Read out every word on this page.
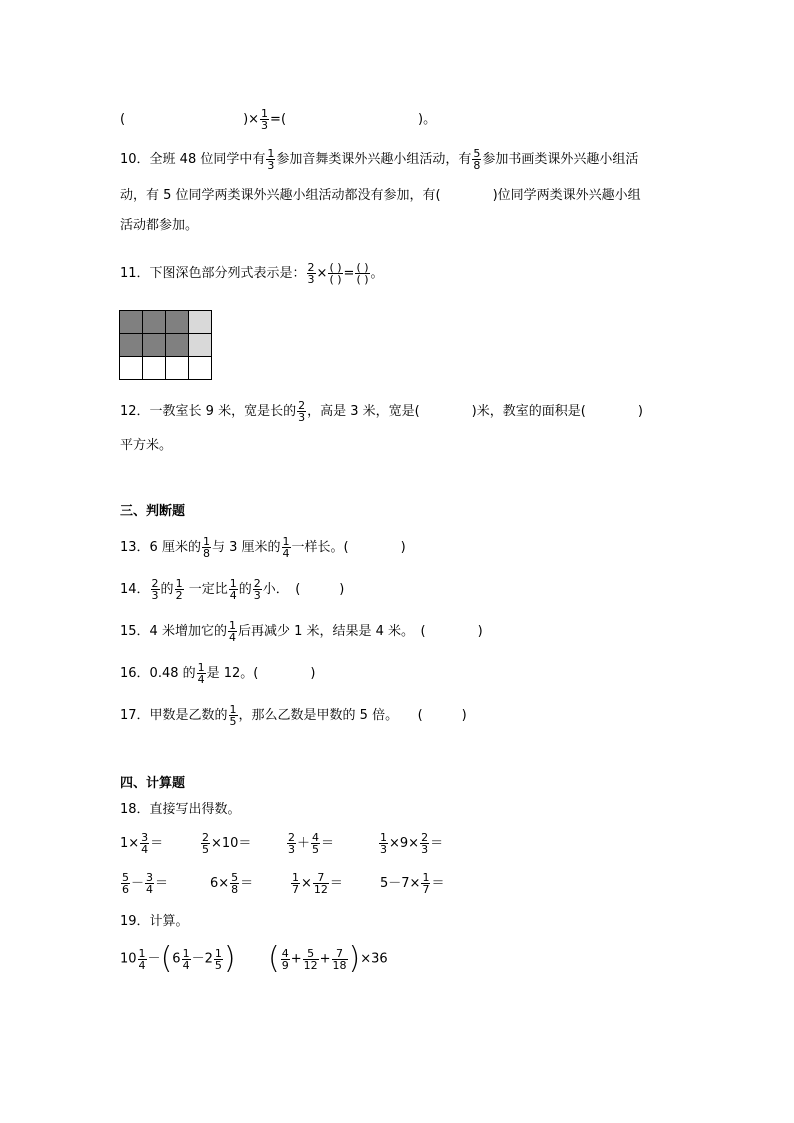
(	)× $\frac{1}{3}$ =(	)。
10．全班 48 位同学中有 $\frac{1}{3}$ 参加音舞类课外兴趣小组活动，有 $\frac{5}{8}$ 参加书画类课外兴趣小组活
动，有 5 位同学两类课外兴趣小组活动都没有参加，有(　　　　)位同学两类课外兴趣小组
活动都参加。
11．下图深色部分列式表示是： $\frac{2}{3} \times \frac{( )}{( )} = \frac{( )}{( )}$ 。

12．一教室长 9 米，宽是长的 $\frac{2}{3}$ ，高是 3 米，宽是(　　　　)米，教室的面积是(　　　　)
平方米。
三、判断题
13．6 厘米的 $\frac{1}{8}$ 与 3 厘米的 $\frac{1}{4}$ 一样长。(　　　　)
14． $\frac{2}{3}$ 的 $\frac{1}{2}$ 一定比 $\frac{1}{4}$ 的 $\frac{2}{3}$ 小．　(　　　)
15．4 米增加它的 $\frac{1}{4}$ 后再减少 1 米，结果是 4 米。　(　　　　)
16．0.48 的 $\frac{1}{4}$ 是 12。(　　　　)
17．甲数是乙数的 $\frac{1}{5}$ ，那么乙数是甲数的 5 倍。　　(　　　)
四、计算题
18．直接写出得数。
$1\times \frac{3}{4}$ ＝	$\frac{2}{5} \times 10=$	$\frac{2}{3} + \frac{4}{5}$ ＝	$\frac{1}{3} \times 9\times \frac{2}{3}$ ＝
$\frac{5}{6} - \frac{3}{4}$ ＝	$6\times \frac{5}{8}$ ＝	$\frac{1}{7} \times \frac{7}{12}$ ＝	$5-7\times \frac{1}{7}$ ＝
19．计算。
$10 \frac{1}{4} -(6 \frac{1}{4} -2 \frac{1}{5}$ ) ( $\frac{4}{9} + \frac{5}{12} + \frac{7}{18} )\times 36$
